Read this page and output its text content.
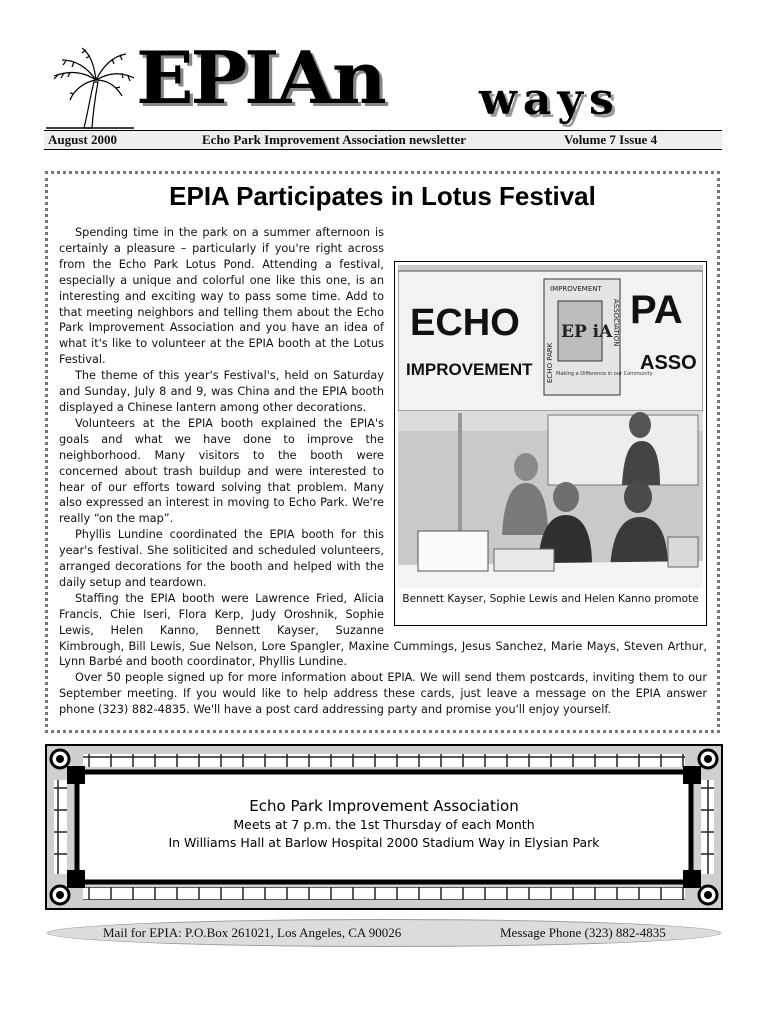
EPIAn ways
August 2000	Echo Park Improvement Association newsletter	Volume 7 Issue 4
EPIA Participates in Lotus Festival
ECHO
IMPROVEMENT
PA
ASSO
IMPROVEMENT
ECHO PARK
ASSOCIATION
EP iA
Making a Difference in our Community
Bennett Kayser, Sophie Lewis and Helen Kanno promote

Spending time in the park on a summer afternoon is certainly a pleasure – particularly if you're right across from the Echo Park Lotus Pond. Attending a festival, especially a unique and colorful one like this one, is an interesting and exciting way to pass some time. Add to that meeting neighbors and telling them about the Echo Park Improvement Association and you have an idea of what it's like to volunteer at the EPIA booth at the Lotus Festival.

The theme of this year's Festival's, held on Saturday and Sunday, July 8 and 9, was China and the EPIA booth displayed a Chinese lantern among other decorations.

Volunteers at the EPIA booth explained the EPIA's goals and what we have done to improve the neighborhood. Many visitors to the booth were concerned about trash buildup and were interested to hear of our efforts toward solving that problem. Many also expressed an interest in moving to Echo Park. We're really “on the map”.

Phyllis Lundine coordinated the EPIA booth for this year's festival. She soliticited and scheduled volunteers, arranged decorations for the booth and helped with the daily setup and teardown.

Staffing the EPIA booth were Lawrence Fried, Alicia Francis, Chie Iseri, Flora Kerp, Judy Oroshnik, Sophie Lewis, Helen Kanno, Bennett Kayser, Suzanne Kimbrough, Bill Lewis, Sue Nelson, Lore Spangler, Maxine Cummings, Jesus Sanchez, Marie Mays, Steven Arthur, Lynn Barbé and booth coordinator, Phyllis Lundine.

Over 50 people signed up for more information about EPIA. We will send them postcards, inviting them to our September meeting. If you would like to help address these cards, just leave a message on the EPIA answer phone (323) 882-4835. We'll have a post card addressing party and promise you'll enjoy yourself.

Echo Park Improvement Association
Meets at 7 p.m. the 1st Thursday of each Month
In Williams Hall at Barlow Hospital 2000 Stadium Way in Elysian Park
Mail for EPIA: P.O.Box 261021, Los Angeles, CA 90026	Message Phone (323) 882-4835
